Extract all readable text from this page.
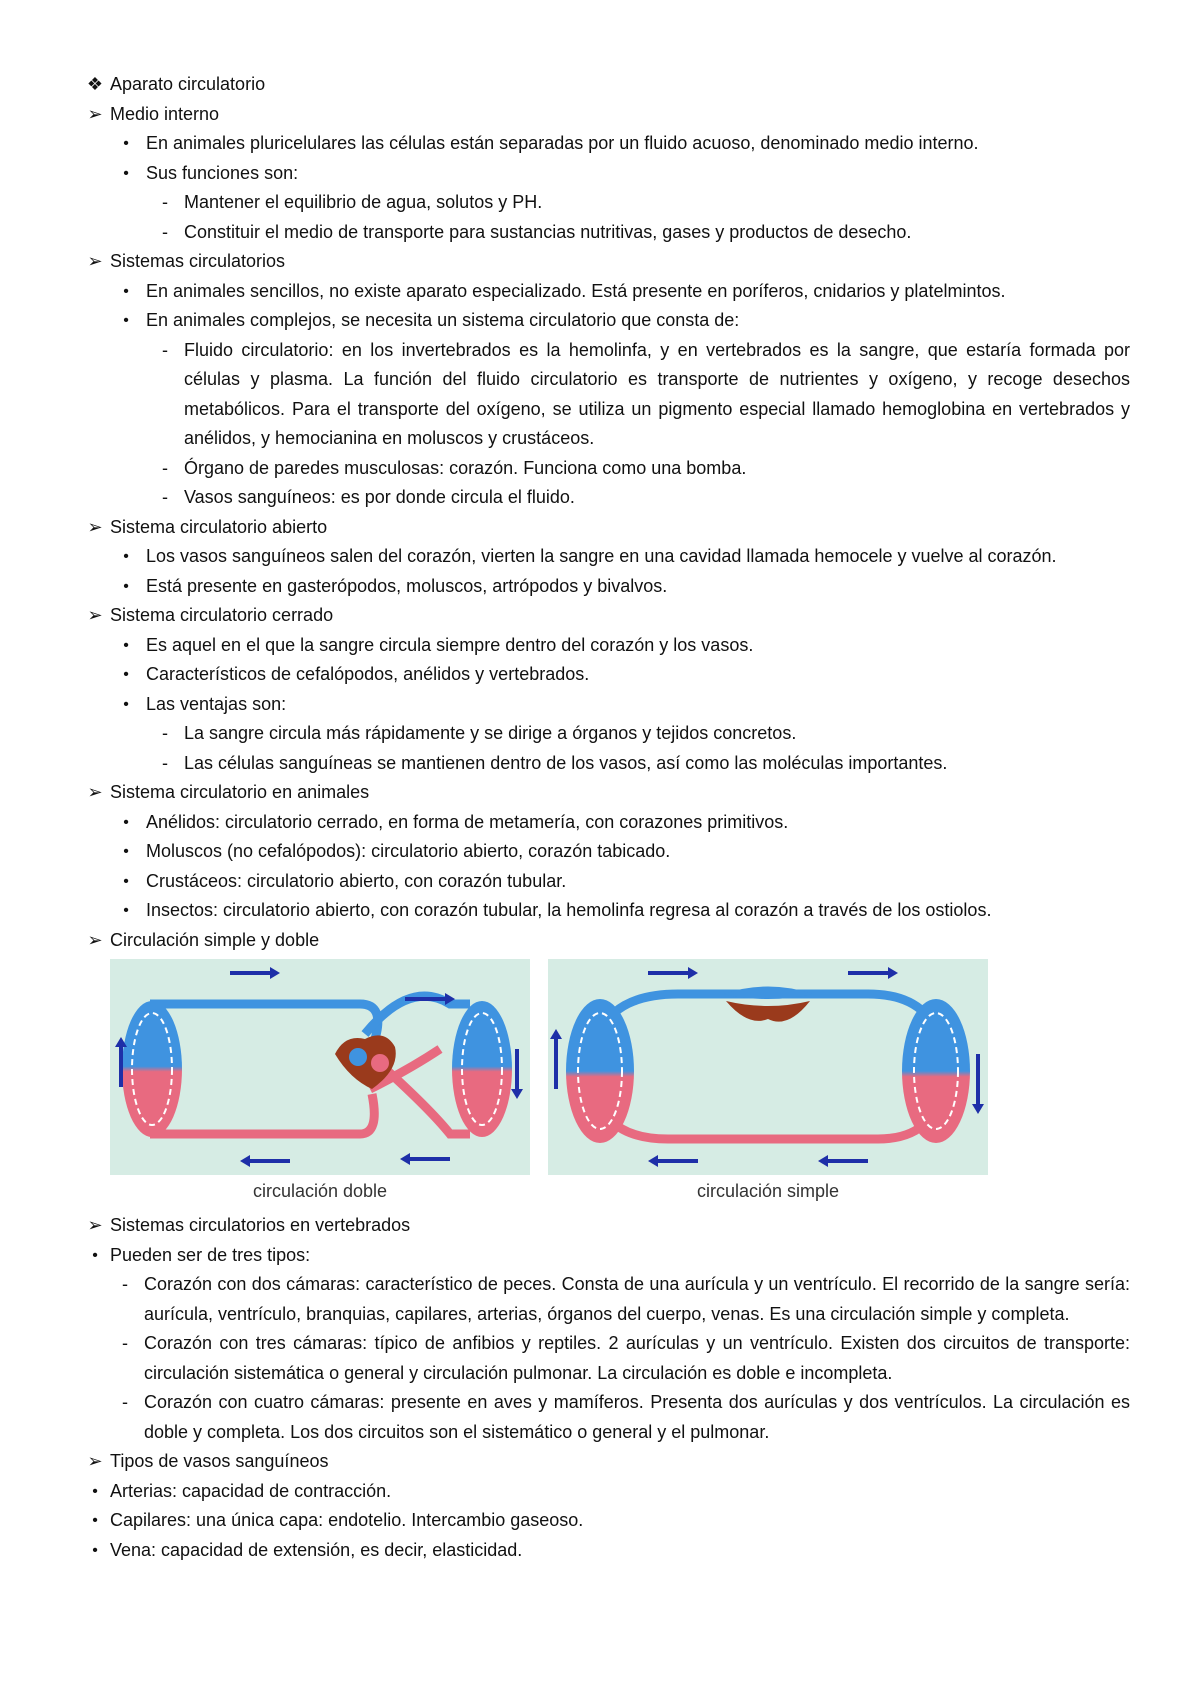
❖ Aparato circulatorio
➢ Medio interno
• En animales pluricelulares las células están separadas por un fluido acuoso, denominado medio interno.
• Sus funciones son:
- Mantener el equilibrio de agua, solutos y PH.
- Constituir el medio de transporte para sustancias nutritivas, gases y productos de desecho.
➢ Sistemas circulatorios
• En animales sencillos, no existe aparato especializado. Está presente en poríferos, cnidarios y platelmintos.
• En animales complejos, se necesita un sistema circulatorio que consta de:
- Fluido circulatorio: en los invertebrados es la hemolinfa, y en vertebrados es la sangre, que estaría formada por células y plasma. La función del fluido circulatorio es transporte de nutrientes y oxígeno, y recoge desechos metabólicos. Para el transporte del oxígeno, se utiliza un pigmento especial llamado hemoglobina en vertebrados y anélidos, y hemocianina en moluscos y crustáceos.
- Órgano de paredes musculosas: corazón. Funciona como una bomba.
- Vasos sanguíneos: es por donde circula el fluido.
➢ Sistema circulatorio abierto
• Los vasos sanguíneos salen del corazón, vierten la sangre en una cavidad llamada hemocele y vuelve al corazón.
• Está presente en gasterópodos, moluscos, artrópodos y bivalvos.
➢ Sistema circulatorio cerrado
• Es aquel en el que la sangre circula siempre dentro del corazón y los vasos.
• Característicos de cefalópodos, anélidos y vertebrados.
• Las ventajas son:
- La sangre circula más rápidamente y se dirige a órganos y tejidos concretos.
- Las células sanguíneas se mantienen dentro de los vasos, así como las moléculas importantes.
➢ Sistema circulatorio en animales
• Anélidos: circulatorio cerrado, en forma de metamería, con corazones primitivos.
• Moluscos (no cefalópodos): circulatorio abierto, corazón tabicado.
• Crustáceos: circulatorio abierto, con corazón tubular.
• Insectos: circulatorio abierto, con corazón tubular, la hemolinfa regresa al corazón a través de los ostiolos.
➢ Circulación simple y doble
circulación doble	circulación simple
➢ Sistemas circulatorios en vertebrados
• Pueden ser de tres tipos:
- Corazón con dos cámaras: característico de peces. Consta de una aurícula y un ventrículo. El recorrido de la sangre sería: aurícula, ventrículo, branquias, capilares, arterias, órganos del cuerpo, venas. Es una circulación simple y completa.
- Corazón con tres cámaras: típico de anfibios y reptiles. 2 aurículas y un ventrículo. Existen dos circuitos de transporte: circulación sistemática o general y circulación pulmonar. La circulación es doble e incompleta.
- Corazón con cuatro cámaras: presente en aves y mamíferos. Presenta dos aurículas y dos ventrículos. La circulación es doble y completa. Los dos circuitos son el sistemático o general y el pulmonar.
➢ Tipos de vasos sanguíneos
• Arterias: capacidad de contracción.
• Capilares: una única capa: endotelio. Intercambio gaseoso.
• Vena: capacidad de extensión, es decir, elasticidad.
